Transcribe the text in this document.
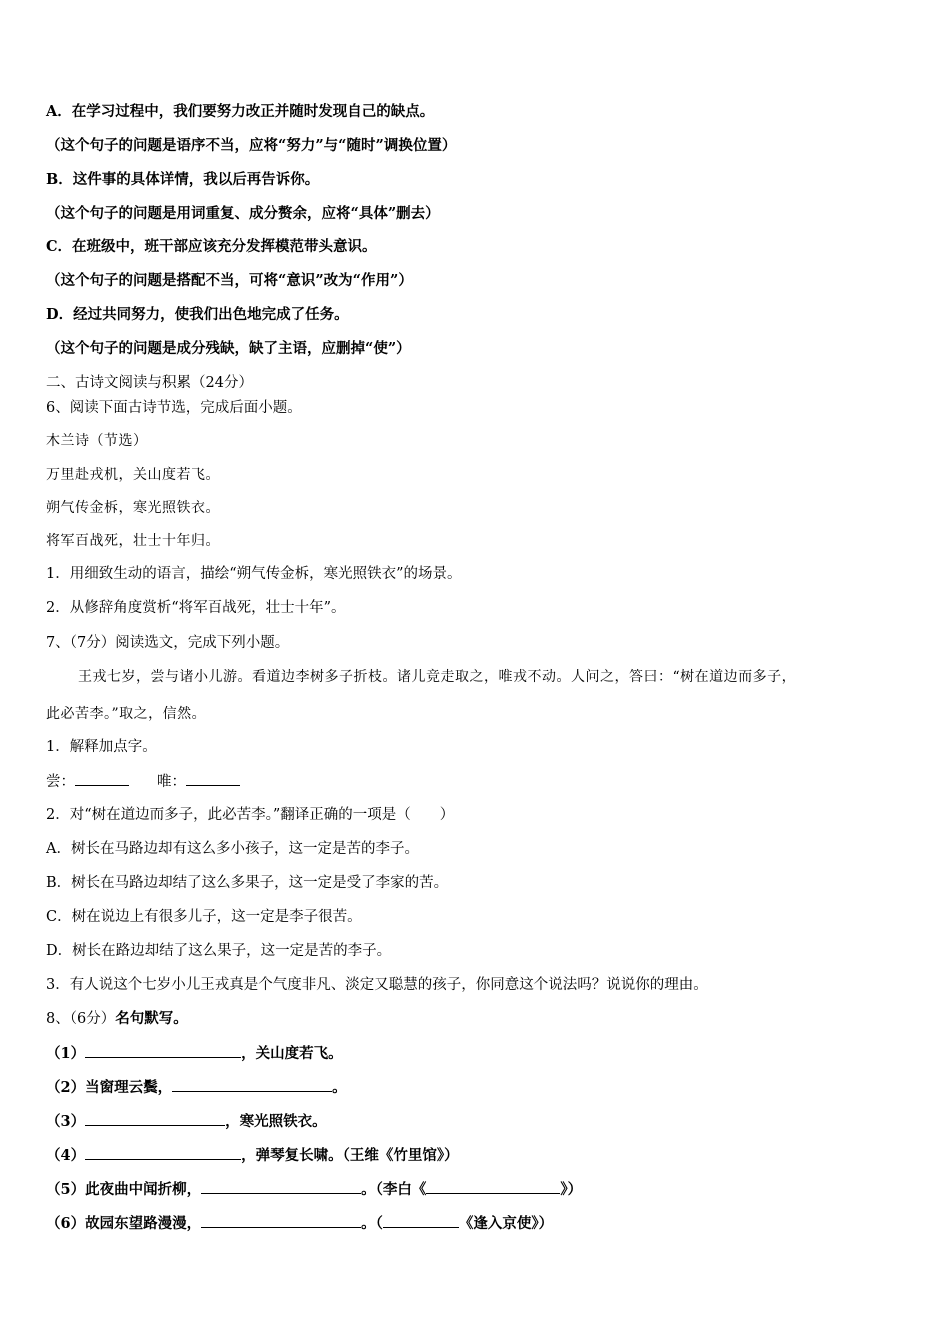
A．在学习过程中，我们要努力改正并随时发现自己的缺点。
（这个句子的问题是语序不当，应将“努力”与“随时”调换位置）
B．这件事的具体详情，我以后再告诉你。
（这个句子的问题是用词重复、成分赘余，应将“具体”删去）
C．在班级中，班干部应该充分发挥模范带头意识。
（这个句子的问题是搭配不当，可将“意识”改为“作用”）
D．经过共同努力，使我们出色地完成了任务。
（这个句子的问题是成分残缺，缺了主语，应删掉“使”）
二、古诗文阅读与积累（24分）
6、阅读下面古诗节选，完成后面小题。
木兰诗（节选）
万里赴戎机，关山度若飞。
朔气传金柝，寒光照铁衣。
将军百战死，壮士十年归。
1．用细致生动的语言，描绘“朔气传金柝，寒光照铁衣”的场景。
2．从修辞角度赏析“将军百战死，壮士十年”。
7、（7分）阅读选文，完成下列小题。
王戎七岁，尝与诸小儿游。看道边李树多子折枝。诸儿竞走取之，唯戎不动。人问之，答曰：“树在道边而多子，
此必苦李。”取之，信然。
1．解释加点字。
尝：	唯：
2．对“树在道边而多子，此必苦李。”翻译正确的一项是（　　）
A．树长在马路边却有这么多小孩子，这一定是苦的李子。
B．树长在马路边却结了这么多果子，这一定是受了李家的苦。
C．树在说边上有很多儿子，这一定是李子很苦。
D．树长在路边却结了这么果子，这一定是苦的李子。
3．有人说这个七岁小儿王戎真是个气度非凡、淡定又聪慧的孩子，你同意这个说法吗？说说你的理由。
8、（6分）名句默写。
（1）	，关山度若飞。
（2）当窗理云鬓，	。
（3）	，寒光照铁衣。
（4）	，弹琴复长啸。（王维《竹里馆》）
（5）此夜曲中闻折柳，	。（李白《	》）
（6）故园东望路漫漫，	。（	《逢入京使》）
